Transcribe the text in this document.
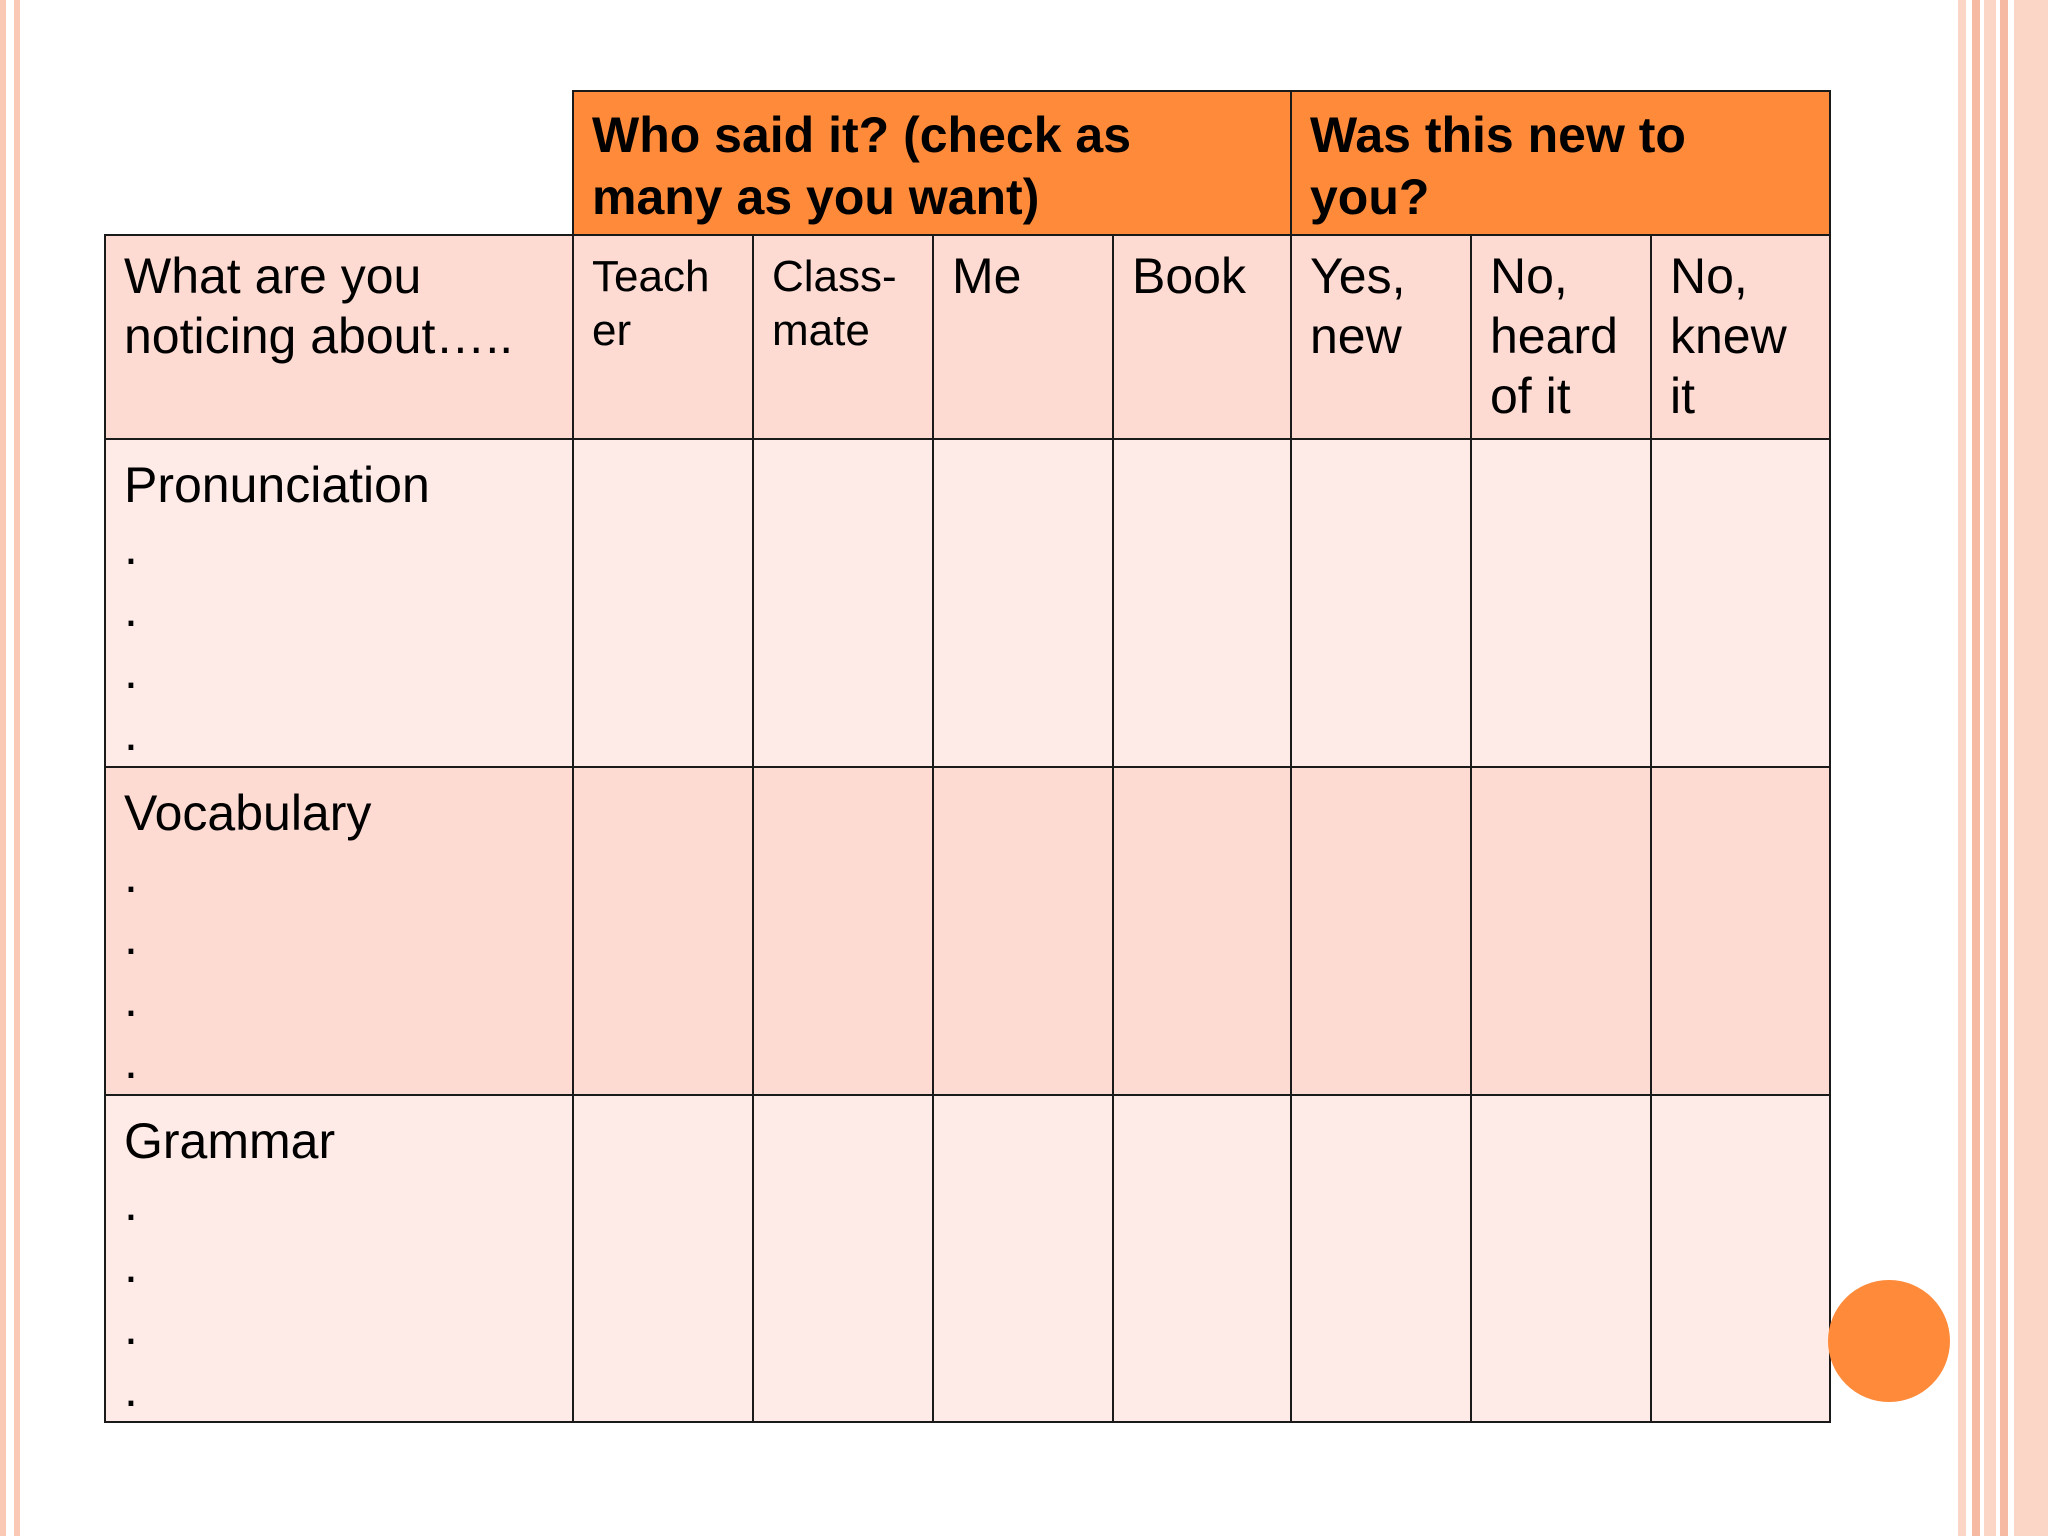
Who said it? (check as many as you want)
Was this new to you?
What are you noticing about…..
Teach er
Class- mate
Me	Book	Yes, new
No, heard of it
No, knew it
Pronunciation
.
.
.
.
Vocabulary
.
.
.
.
Grammar
.
.
.
.
